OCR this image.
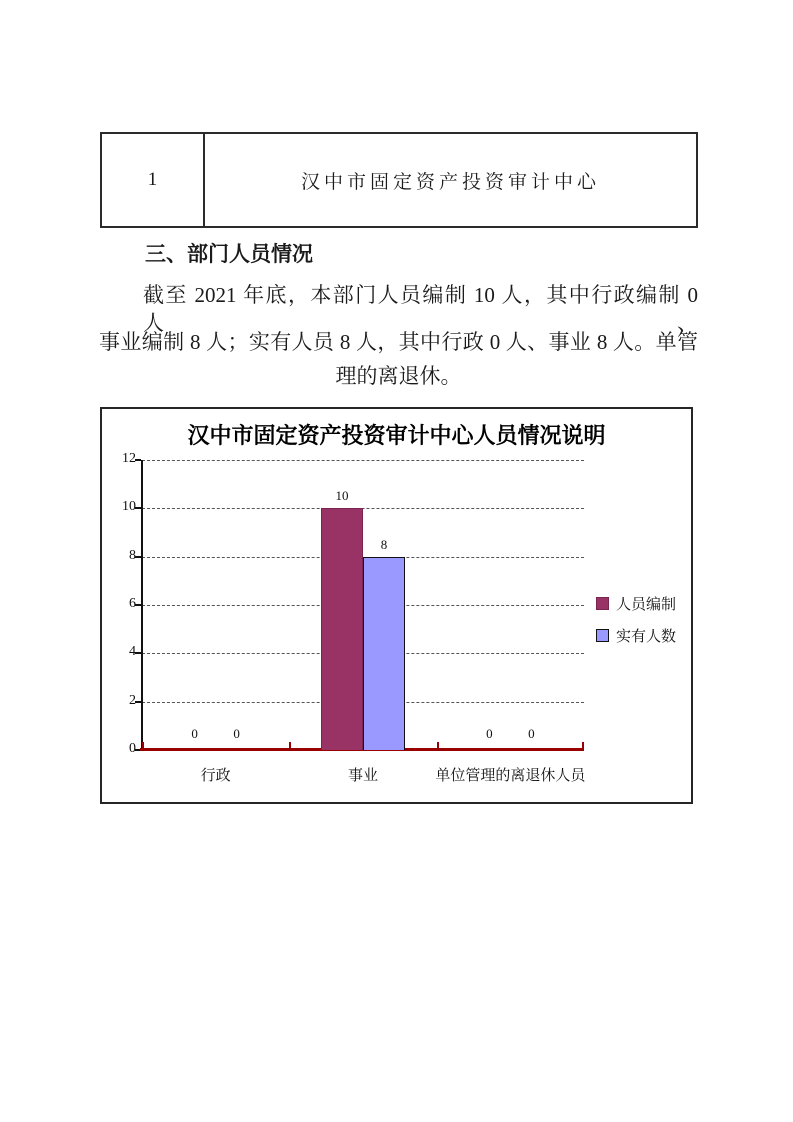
1	汉中市固定资产投资审计中心
三、部门人员情况
截至 2021 年底，本部门人员编制 10 人，其中行政编制 0 人、
事业编制 8 人；实有人员 8 人，其中行政 0 人、事业 8 人。单管
理的离退休。
汉中市固定资产投资审计中心人员情况说明
0	0
10
8
0	0
人员编制
实有人数
0
2
4
6
8
10
12
行政	事业	单位管理的离退休人员
